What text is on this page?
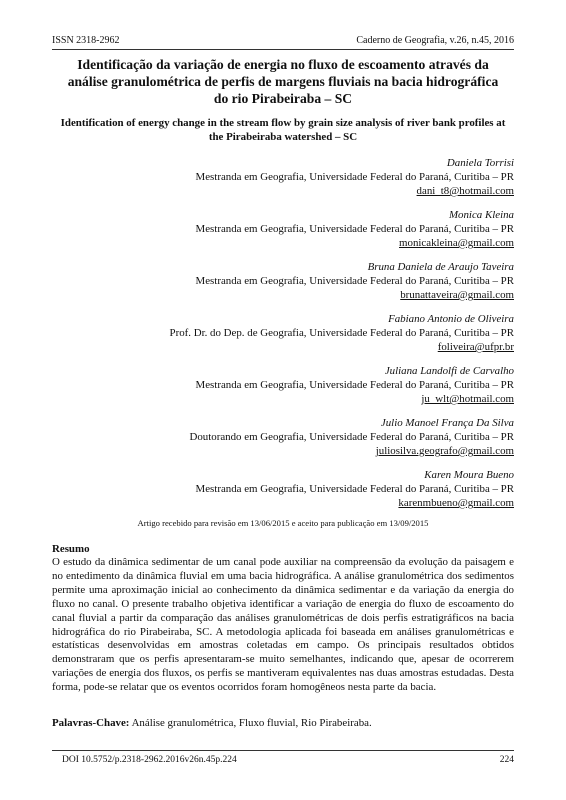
ISSN 2318-2962	Caderno de Geografia, v.26, n.45, 2016
Identificação da variação de energia no fluxo de escoamento através da análise granulométrica de perfis de margens fluviais na bacia hidrográfica do rio Pirabeiraba – SC
Identification of energy change in the stream flow by grain size analysis of river bank profiles at the Pirabeiraba watershed – SC
Daniela Torrisi
Mestranda em Geografia, Universidade Federal do Paraná, Curitiba – PR
dani_t8@hotmail.com
Monica Kleina
Mestranda em Geografia, Universidade Federal do Paraná, Curitiba – PR
monicakleina@gmail.com
Bruna Daniela de Araujo Taveira
Mestranda em Geografia, Universidade Federal do Paraná, Curitiba – PR
brunattaveira@gmail.com
Fabiano Antonio de Oliveira
Prof. Dr. do Dep. de Geografia, Universidade Federal do Paraná, Curitiba – PR
foliveira@ufpr.br
Juliana Landolfi de Carvalho
Mestranda em Geografia, Universidade Federal do Paraná, Curitiba – PR
ju_wlt@hotmail.com
Julio Manoel França Da Silva
Doutorando em Geografia, Universidade Federal do Paraná, Curitiba – PR
juliosilva.geografo@gmail.com
Karen Moura Bueno
Mestranda em Geografia, Universidade Federal do Paraná, Curitiba – PR
karenmbueno@gmail.com
Artigo recebido para revisão em 13/06/2015 e aceito para publicação em 13/09/2015
Resumo
O estudo da dinâmica sedimentar de um canal pode auxiliar na compreensão da evolução da paisagem e no entedimento da dinâmica fluvial em uma bacia hidrográfica. A análise granulométrica dos sedimentos permite uma aproximação inicial ao conhecimento da dinâmica sedimentar e da variação da energia do fluxo no canal. O presente trabalho objetiva identificar a variação de energia do fluxo de escoamento do canal fluvial a partir da comparação das análises granulométricas de dois perfis estratigráficos na bacia hidrográfica do rio Pirabeiraba, SC. A metodologia aplicada foi baseada em análises granulométricas e estatísticas desenvolvidas em amostras coletadas em campo. Os principais resultados obtidos demonstraram que os perfis apresentaram-se muito semelhantes, indicando que, apesar de ocorrerem variações de energia dos fluxos, os perfis se mantiveram equivalentes nas duas amostras estudadas. Desta forma, pode-se relatar que os eventos ocorridos foram homogêneos nesta parte da bacia.
Palavras-Chave: Análise granulométrica, Fluxo fluvial, Rio Pirabeiraba.
DOI 10.5752/p.2318-2962.2016v26n.45p.224	224
